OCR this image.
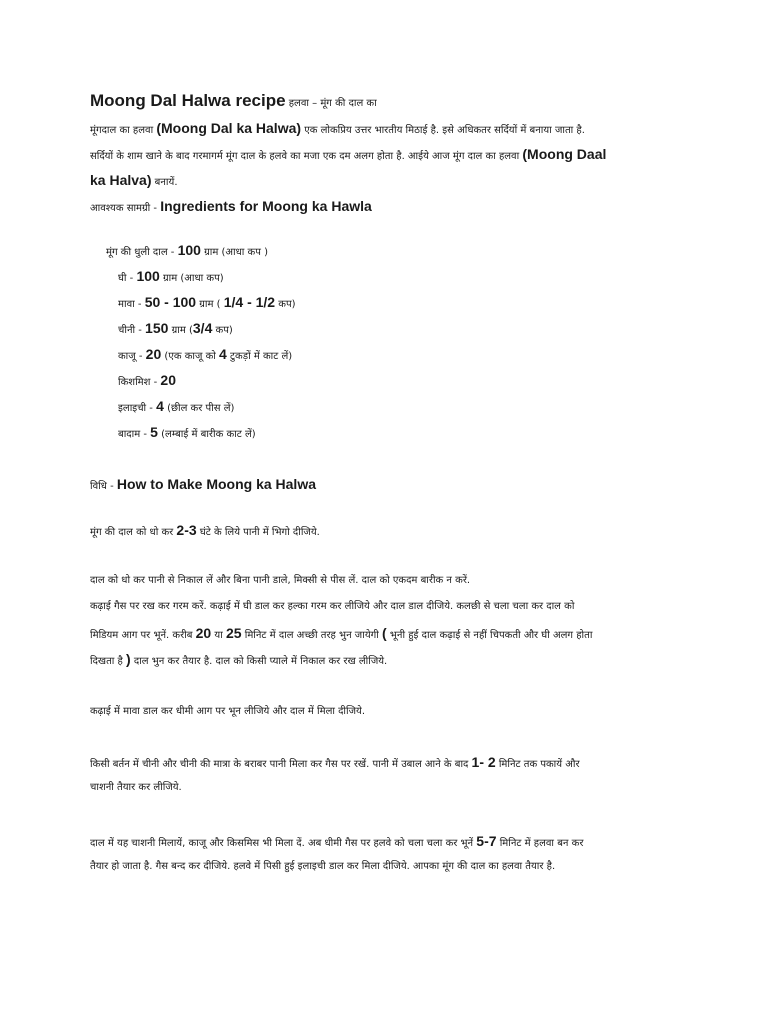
Moong Dal Halwa recipe हलवा – मूंग की दाल का
मूंगदाल का हलवा (Moong Dal ka Halwa) एक लोकप्रिय उत्तर भारतीय मिठाई है. इसे अधिकतर सर्दियों में बनाया जाता है.
सर्दियों के शाम खाने के बाद गरमागर्म मूंग दाल के हलवे का मजा एक दम अलग होता है. आईये आज मूंग दाल का हलवा (Moong Daal
ka Halva) बनायें.
आवश्यक सामग्री - Ingredients for Moong ka Hawla
मूंग की धुली दाल - 100 ग्राम (आधा कप )
घी - 100 ग्राम (आधा कप)
मावा - 50 - 100 ग्राम ( 1/4 - 1/2 कप)
चीनी - 150 ग्राम (3/4 कप)
काजू - 20 (एक काजू को 4 टुकड़ों में काट लें)
किशमिश - 20
इलाइची - 4 (छील कर पीस लें)
बादाम - 5 (लम्बाई में बारीक काट लें)
विधि - How to Make Moong ka Halwa
मूंग की दाल को धो कर 2-3 घंटे के लिये पानी में भिगो दीजिये.
दाल को धो कर पानी से निकाल लें और बिना पानी डाले, मिक्सी से पीस लें. दाल को एकदम बारीक न करें.
कढ़ाई गैस पर रख कर गरम करें. कढ़ाई में घी डाल कर हल्का गरम कर लीजिये और दाल डाल दीजिये. कलछी से चला चला कर दाल को
मिडियम आग पर भूनें. करीब 20 या 25 मिनिट में दाल अच्छी तरह भुन जायेगी ( भूनी हुई दाल कढ़ाई से नहीं चिपकती और घी अलग होता
दिखता है ) दाल भुन कर तैयार है. दाल को किसी प्याले में निकाल कर रख लीजिये.
कढ़ाई में मावा डाल कर धीमी आग पर भून लीजिये और दाल में मिला दीजिये.
किसी बर्तन में चीनी और चीनी की मात्रा के बराबर पानी मिला कर गैस पर रखें. पानी में उबाल आने के बाद 1- 2 मिनिट तक पकायें और
चाशनी तैयार कर लीजिये.
दाल में यह चाशनी मिलायें, काजू और किसमिस भी मिला दें. अब धीमी गैस पर हलवे को चला चला कर भूनें 5-7 मिनिट में हलवा बन कर
तैयार हो जाता है. गैस बन्द कर दीजिये. हलवे में पिसी हुई इलाइची डाल कर मिला दीजिये. आपका मूंग की दाल का हलवा तैयार है.
